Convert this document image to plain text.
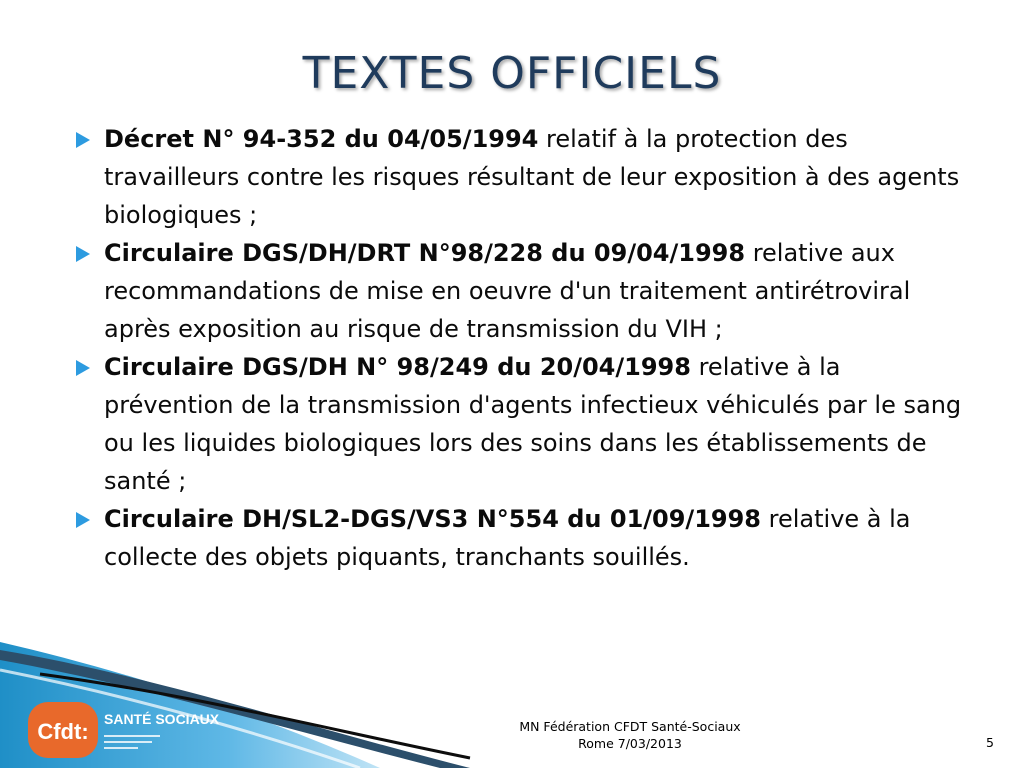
TEXTES OFFICIELS
Décret N° 94-352 du 04/05/1994 relatif à la protection des travailleurs contre les risques résultant de leur exposition à des agents biologiques ;
Circulaire DGS/DH/DRT N°98/228 du 09/04/1998 relative aux recommandations de mise en oeuvre d'un traitement antirétroviral après exposition au risque de transmission du VIH ;
Circulaire DGS/DH N° 98/249 du 20/04/1998 relative à la prévention de la transmission d'agents infectieux véhiculés par le sang ou les liquides biologiques lors des soins dans les établissements de santé ;
Circulaire DH/SL2-DGS/VS3 N°554 du 01/09/1998 relative à la collecte des objets piquants, tranchants souillés.
Cfdt: SANTÉ SOCIAUX	MN Fédération CFDT Santé-Sociaux
Rome 7/03/2013	5
